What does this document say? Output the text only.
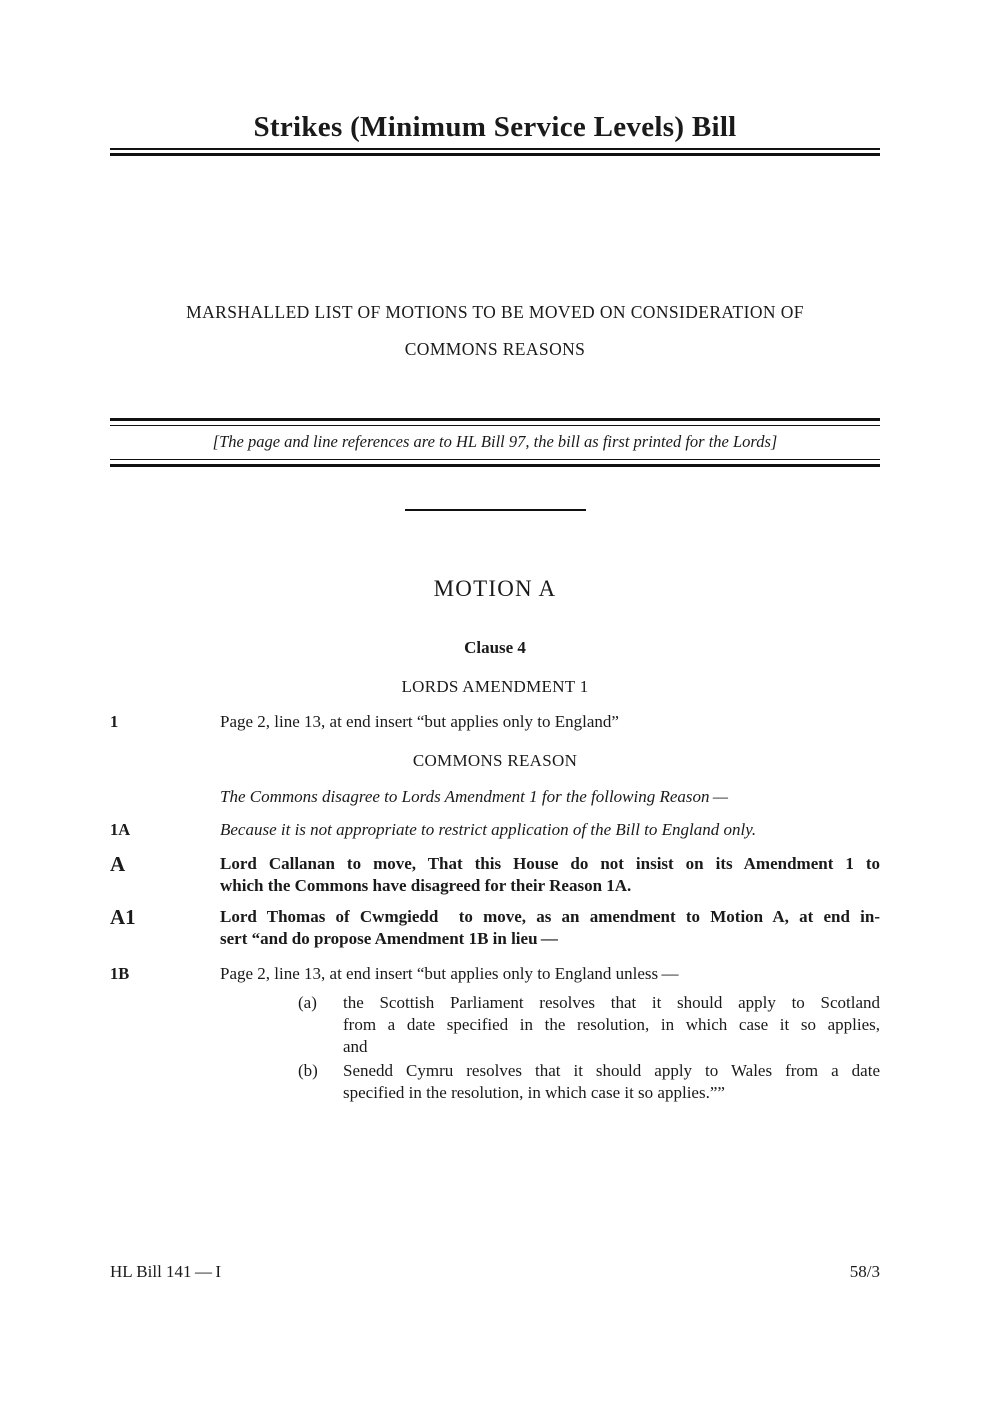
Strikes (Minimum Service Levels) Bill
MARSHALLED LIST OF MOTIONS TO BE MOVED ON CONSIDERATION OF
COMMONS REASONS
[The page and line references are to HL Bill 97, the bill as first printed for the Lords]
MOTION A
Clause 4
LORDS AMENDMENT 1
1	Page 2, line 13, at end insert “but applies only to England”
COMMONS REASON
The Commons disagree to Lords Amendment 1 for the following Reason —
1A	Because it is not appropriate to restrict application of the Bill to England only.
A	Lord Callanan to move, That this House do not insist on its Amendment 1 to
which the Commons have disagreed for their Reason 1A.
A1	Lord Thomas of Cwmgiedd  to move, as an amendment to Motion A, at end in-
sert “and do propose Amendment 1B in lieu —
1B	Page 2, line 13, at end insert “but applies only to England unless —
(a)	the Scottish Parliament resolves that it should apply to Scotland
from a date specified in the resolution, in which case it so applies,
and
(b)	Senedd Cymru resolves that it should apply to Wales from a date
specified in the resolution, in which case it so applies.””
HL Bill 141 — I	58/3
